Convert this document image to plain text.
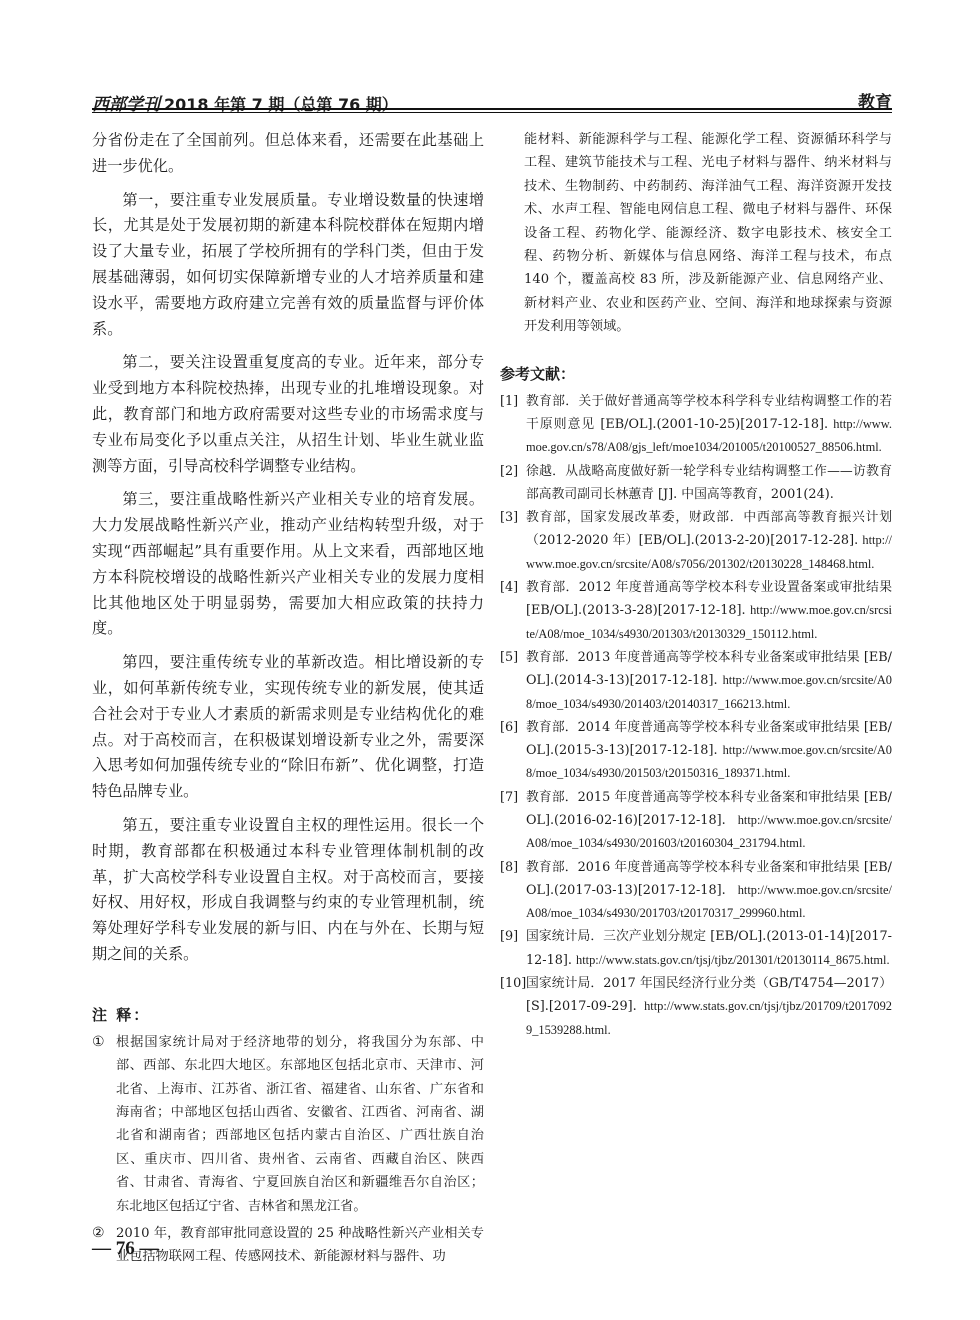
西部学刊 2018 年第 7 期（总第 76 期）	教育

分省份走在了全国前列。但总体来看，还需要在此基础上进一步优化。

第一，要注重专业发展质量。专业增设数量的快速增长，尤其是处于发展初期的新建本科院校群体在短期内增设了大量专业，拓展了学校所拥有的学科门类，但由于发展基础薄弱，如何切实保障新增专业的人才培养质量和建设水平，需要地方政府建立完善有效的质量监督与评价体系。

第二，要关注设置重复度高的专业。近年来，部分专业受到地方本科院校热捧，出现专业的扎堆增设现象。对此，教育部门和地方政府需要对这些专业的市场需求度与专业布局变化予以重点关注，从招生计划、毕业生就业监测等方面，引导高校科学调整专业结构。

第三，要注重战略性新兴产业相关专业的培育发展。大力发展战略性新兴产业，推动产业结构转型升级，对于实现“西部崛起”具有重要作用。从上文来看，西部地区地方本科院校增设的战略性新兴产业相关专业的发展力度相比其他地区处于明显弱势，需要加大相应政策的扶持力度。

第四，要注重传统专业的革新改造。相比增设新的专业，如何革新传统专业，实现传统专业的新发展，使其适合社会对于专业人才素质的新需求则是专业结构优化的难点。对于高校而言，在积极谋划增设新专业之外，需要深入思考如何加强传统专业的“除旧布新”、优化调整，打造特色品牌专业。

第五，要注重专业设置自主权的理性运用。很长一个时期，教育部都在积极通过本科专业管理体制机制的改革，扩大高校学科专业设置自主权。对于高校而言，要接好权、用好权，形成自我调整与约束的专业管理机制，统筹处理好学科专业发展的新与旧、内在与外在、长期与短期之间的关系。

注 释：

① 根据国家统计局对于经济地带的划分，将我国分为东部、中部、西部、东北四大地区。东部地区包括北京市、天津市、河北省、上海市、江苏省、浙江省、福建省、山东省、广东省和海南省；中部地区包括山西省、安徽省、江西省、河南省、湖北省和湖南省；西部地区包括内蒙古自治区、广西壮族自治区、重庆市、四川省、贵州省、云南省、西藏自治区、陕西省、甘肃省、青海省、宁夏回族自治区和新疆维吾尔自治区；东北地区包括辽宁省、吉林省和黑龙江省。

② 2010 年，教育部审批同意设置的 25 种战略性新兴产业相关专业包括物联网工程、传感网技术、新能源材料与器件、功

能材料、新能源科学与工程、能源化学工程、资源循环科学与工程、建筑节能技术与工程、光电子材料与器件、纳米材料与技术、生物制药、中药制药、海洋油气工程、海洋资源开发技术、水声工程、智能电网信息工程、微电子材料与器件、环保设备工程、药物化学、能源经济、数字电影技术、核安全工程、药物分析、新媒体与信息网络、海洋工程与技术，布点 140 个，覆盖高校 83 所，涉及新能源产业、信息网络产业、新材料产业、农业和医药产业、空间、海洋和地球探索与资源开发利用等领域。

参考文献：

[1] 教育部．关于做好普通高等学校本科学科专业结构调整工作的若干原则意见 [EB/OL].(2001-10-25)[2017-12-18]. http://www.moe.gov.cn/s78/A08/gjs_left/moe1034/201005/t20100527_88506.html.

[2] 徐越．从战略高度做好新一轮学科专业结构调整工作——访教育部高教司副司长林蕙青 [J]. 中国高等教育，2001(24).

[3] 教育部，国家发展改革委，财政部．中西部高等教育振兴计划（2012-2020 年）[EB/OL].(2013-2-20)[2017-12-28]. http://www.moe.gov.cn/srcsite/A08/s7056/201302/t20130228_148468.html.

[4] 教育部．2012 年度普通高等学校本科专业设置备案或审批结果 [EB/OL].(2013-3-28)[2017-12-18]. http://www.moe.gov.cn/srcsite/A08/moe_1034/s4930/201303/t20130329_150112.html.

[5] 教育部．2013 年度普通高等学校本科专业备案或审批结果 [EB/OL].(2014-3-13)[2017-12-18]. http://www.moe.gov.cn/srcsite/A08/moe_1034/s4930/201403/t20140317_166213.html.

[6] 教育部．2014 年度普通高等学校本科专业备案或审批结果 [EB/OL].(2015-3-13)[2017-12-18]. http://www.moe.gov.cn/srcsite/A08/moe_1034/s4930/201503/t20150316_189371.html.

[7] 教育部．2015 年度普通高等学校本科专业备案和审批结果 [EB/OL].(2016-02-16)[2017-12-18]. http://www.moe.gov.cn/srcsite/A08/moe_1034/s4930/201603/t20160304_231794.html.

[8] 教育部．2016 年度普通高等学校本科专业备案和审批结果 [EB/OL].(2017-03-13)[2017-12-18]. http://www.moe.gov.cn/srcsite/A08/moe_1034/s4930/201703/t20170317_299960.html.

[9] 国家统计局．三次产业划分规定 [EB/OL].(2013-01-14)[2017-12-18]. http://www.stats.gov.cn/tjsj/tjbz/201301/t20130114_8675.html.

[10] 国家统计局．2017 年国民经济行业分类（GB/T4754—2017）[S].[2017-09-29]. http://www.stats.gov.cn/tjsj/tjbz/201709/t20170929_1539288.html.

— 76 —
